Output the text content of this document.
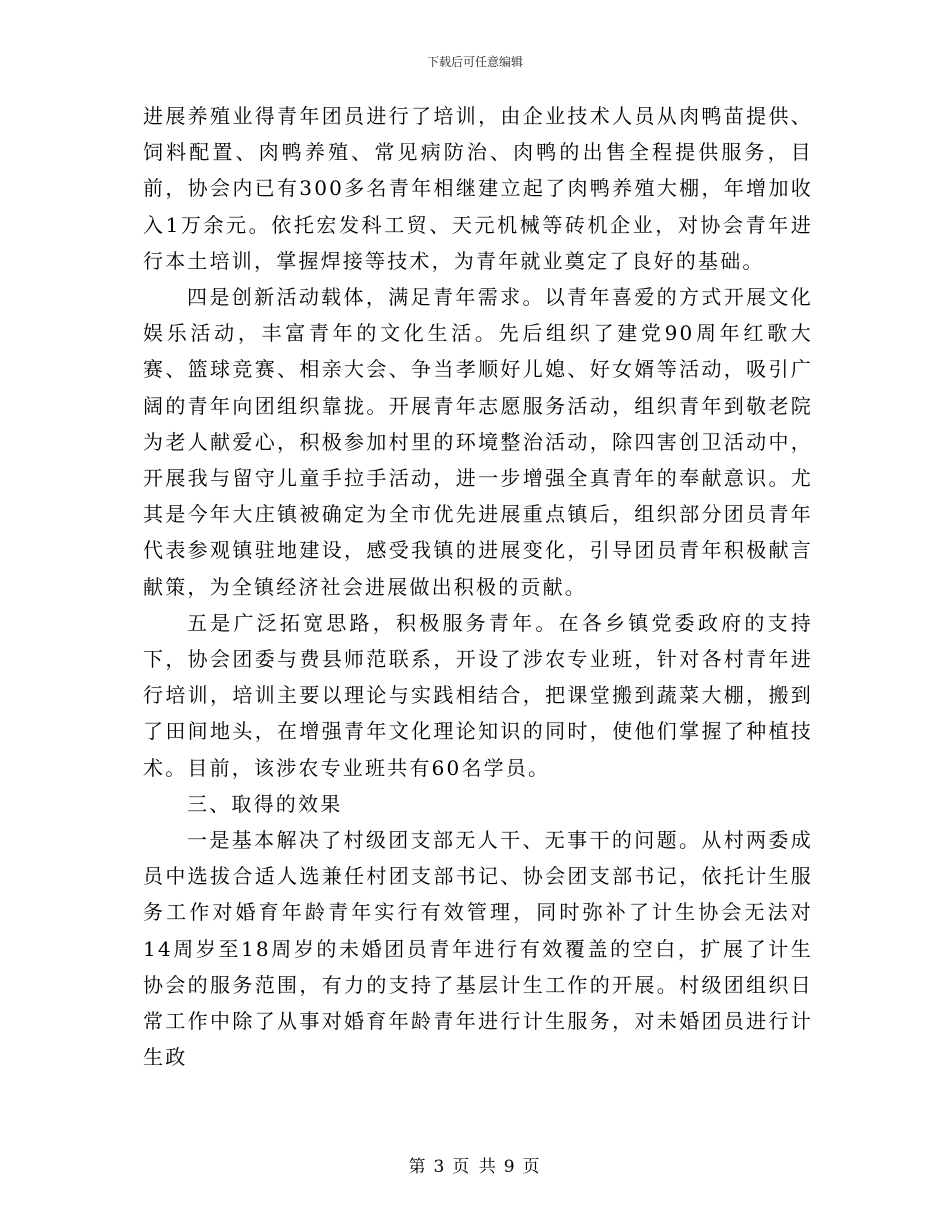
下载后可任意编辑

进展养殖业得青年团员进行了培训，由企业技术人员从肉鸭苗提供、饲料配置、肉鸭养殖、常见病防治、肉鸭的出售全程提供服务，目前，协会内已有300多名青年相继建立起了肉鸭养殖大棚，年增加收入1万余元。依托宏发科工贸、天元机械等砖机企业，对协会青年进行本土培训，掌握焊接等技术，为青年就业奠定了良好的基础。

四是创新活动载体，满足青年需求。以青年喜爱的方式开展文化娱乐活动，丰富青年的文化生活。先后组织了建党90周年红歌大赛、篮球竞赛、相亲大会、争当孝顺好儿媳、好女婿等活动，吸引广阔的青年向团组织靠拢。开展青年志愿服务活动，组织青年到敬老院为老人献爱心，积极参加村里的环境整治活动，除四害创卫活动中，开展我与留守儿童手拉手活动，进一步增强全真青年的奉献意识。尤其是今年大庄镇被确定为全市优先进展重点镇后，组织部分团员青年代表参观镇驻地建设，感受我镇的进展变化，引导团员青年积极献言献策，为全镇经济社会进展做出积极的贡献。

五是广泛拓宽思路，积极服务青年。在各乡镇党委政府的支持下，协会团委与费县师范联系，开设了涉农专业班，针对各村青年进行培训，培训主要以理论与实践相结合，把课堂搬到蔬菜大棚，搬到了田间地头，在增强青年文化理论知识的同时，使他们掌握了种植技术。目前，该涉农专业班共有60名学员。

三、取得的效果

一是基本解决了村级团支部无人干、无事干的问题。从村两委成员中选拔合适人选兼任村团支部书记、协会团支部书记，依托计生服务工作对婚育年龄青年实行有效管理，同时弥补了计生协会无法对14周岁至18周岁的未婚团员青年进行有效覆盖的空白，扩展了计生协会的服务范围，有力的支持了基层计生工作的开展。村级团组织日常工作中除了从事对婚育年龄青年进行计生服务，对未婚团员进行计生政

第 3 页 共 9 页
